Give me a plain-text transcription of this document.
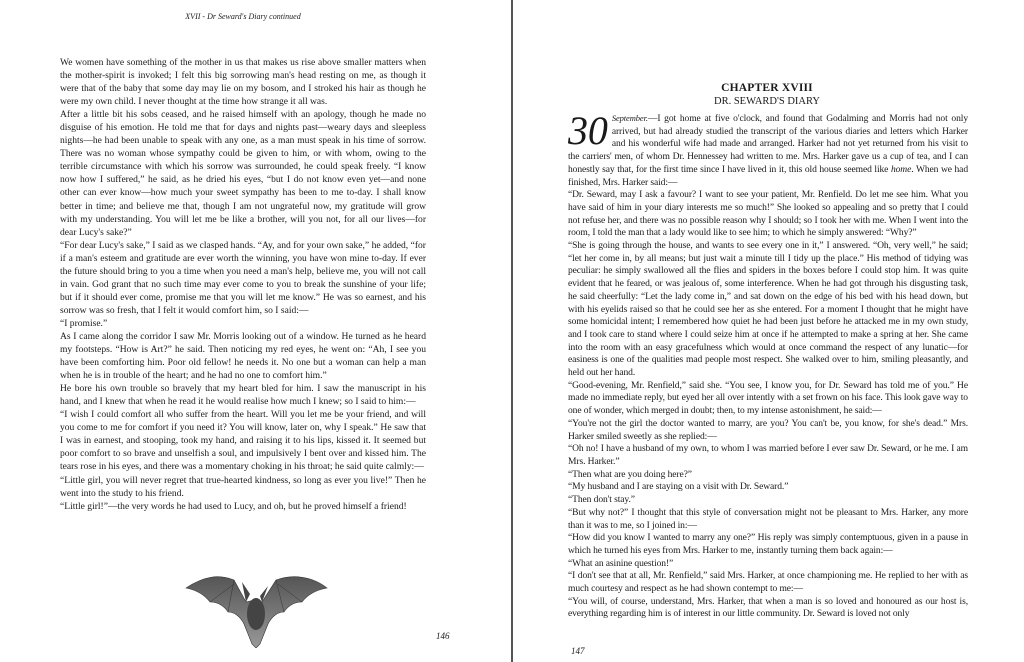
XVII - Dr Seward's Diary continued

We women have something of the mother in us that makes us rise above smaller matters when the mother-spirit is invoked; I felt this big sorrowing man's head resting on me, as though it were that of the baby that some day may lie on my bosom, and I stroked his hair as though he were my own child. I never thought at the time how strange it all was.

After a little bit his sobs ceased, and he raised himself with an apology, though he made no disguise of his emotion. He told me that for days and nights past—weary days and sleepless nights—he had been unable to speak with any one, as a man must speak in his time of sorrow. There was no woman whose sympathy could be given to him, or with whom, owing to the terrible circumstance with which his sorrow was surrounded, he could speak freely. “I know now how I suffered,” he said, as he dried his eyes, “but I do not know even yet—and none other can ever know—how much your sweet sympathy has been to me to-day. I shall know better in time; and believe me that, though I am not ungrateful now, my gratitude will grow with my understanding. You will let me be like a brother, will you not, for all our lives—for dear Lucy's sake?”

“For dear Lucy's sake,” I said as we clasped hands. “Ay, and for your own sake,” he added, “for if a man's esteem and gratitude are ever worth the winning, you have won mine to-day. If ever the future should bring to you a time when you need a man's help, believe me, you will not call in vain. God grant that no such time may ever come to you to break the sunshine of your life; but if it should ever come, promise me that you will let me know.” He was so earnest, and his sorrow was so fresh, that I felt it would comfort him, so I said:—

“I promise.”

As I came along the corridor I saw Mr. Morris looking out of a window. He turned as he heard my footsteps. “How is Art?” he said. Then noticing my red eyes, he went on: “Ah, I see you have been comforting him. Poor old fellow! he needs it. No one but a woman can help a man when he is in trouble of the heart; and he had no one to comfort him.”

He bore his own trouble so bravely that my heart bled for him. I saw the manuscript in his hand, and I knew that when he read it he would realise how much I knew; so I said to him:—

“I wish I could comfort all who suffer from the heart. Will you let me be your friend, and will you come to me for comfort if you need it? You will know, later on, why I speak.” He saw that I was in earnest, and stooping, took my hand, and raising it to his lips, kissed it. It seemed but poor comfort to so brave and unselfish a soul, and impulsively I bent over and kissed him. The tears rose in his eyes, and there was a momentary choking in his throat; he said quite calmly:—

“Little girl, you will never regret that true-hearted kindness, so long as ever you live!” Then he went into the study to his friend.

“Little girl!”—the very words he had used to Lucy, and oh, but he proved himself a friend!

146
CHAPTER XVIII
DR. SEWARD'S DIARY

30 September.—I got home at five o'clock, and found that Godalming and Morris had not only arrived, but had already studied the transcript of the various diaries and letters which Harker and his wonderful wife had made and arranged. Harker had not yet returned from his visit to the carriers' men, of whom Dr. Hennessey had written to me. Mrs. Harker gave us a cup of tea, and I can honestly say that, for the first time since I have lived in it, this old house seemed like home. When we had finished, Mrs. Harker said:—

“Dr. Seward, may I ask a favour? I want to see your patient, Mr. Renfield. Do let me see him. What you have said of him in your diary interests me so much!” She looked so appealing and so pretty that I could not refuse her, and there was no possible reason why I should; so I took her with me. When I went into the room, I told the man that a lady would like to see him; to which he simply answered: “Why?”

“She is going through the house, and wants to see every one in it,” I answered. “Oh, very well,” he said; “let her come in, by all means; but just wait a minute till I tidy up the place.” His method of tidying was peculiar: he simply swallowed all the flies and spiders in the boxes before I could stop him. It was quite evident that he feared, or was jealous of, some interference. When he had got through his disgusting task, he said cheerfully: “Let the lady come in,” and sat down on the edge of his bed with his head down, but with his eyelids raised so that he could see her as she entered. For a moment I thought that he might have some homicidal intent; I remembered how quiet he had been just before he attacked me in my own study, and I took care to stand where I could seize him at once if he attempted to make a spring at her. She came into the room with an easy gracefulness which would at once command the respect of any lunatic—for easiness is one of the qualities mad people most respect. She walked over to him, smiling pleasantly, and held out her hand.

“Good-evening, Mr. Renfield,” said she. “You see, I know you, for Dr. Seward has told me of you.” He made no immediate reply, but eyed her all over intently with a set frown on his face. This look gave way to one of wonder, which merged in doubt; then, to my intense astonishment, he said:—

“You're not the girl the doctor wanted to marry, are you? You can't be, you know, for she's dead.” Mrs. Harker smiled sweetly as she replied:—

“Oh no! I have a husband of my own, to whom I was married before I ever saw Dr. Seward, or he me. I am Mrs. Harker.”

“Then what are you doing here?”

“My husband and I are staying on a visit with Dr. Seward.”

“Then don't stay.”

“But why not?” I thought that this style of conversation might not be pleasant to Mrs. Harker, any more than it was to me, so I joined in:—

“How did you know I wanted to marry any one?” His reply was simply contemptuous, given in a pause in which he turned his eyes from Mrs. Harker to me, instantly turning them back again:—

“What an asinine question!”

“I don't see that at all, Mr. Renfield,” said Mrs. Harker, at once championing me. He replied to her with as much courtesy and respect as he had shown contempt to me:—

“You will, of course, understand, Mrs. Harker, that when a man is so loved and honoured as our host is, everything regarding him is of interest in our little community. Dr. Seward is loved not only

147
